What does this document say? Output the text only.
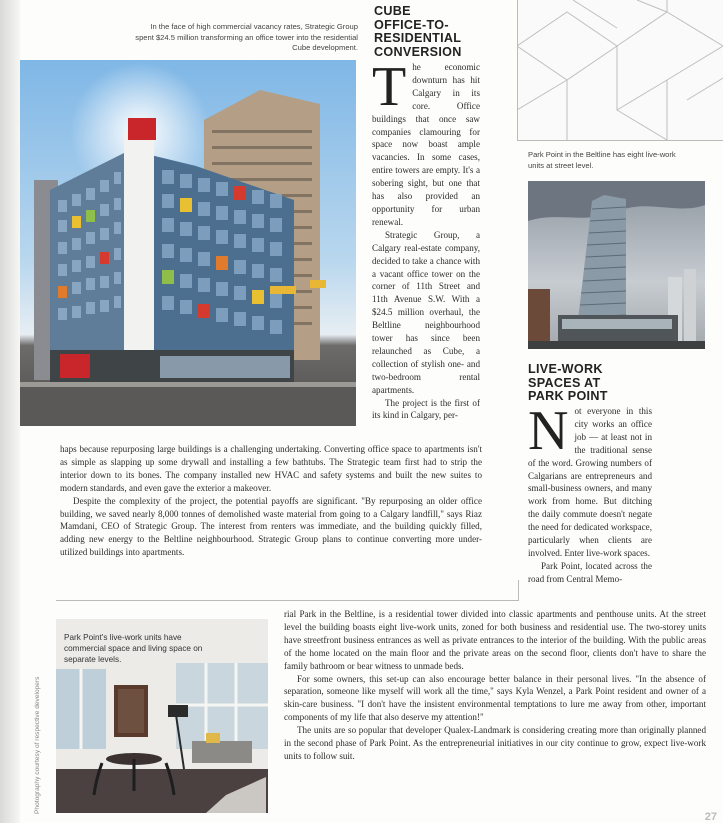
In the face of high commercial vacancy rates, Strategic Group spent $24.5 million transforming an office tower into the residential Cube development.
CUBE
OFFICE-TO-
RESIDENTIAL
CONVERSION

The economic downturn has hit Calgary in its core. Office buildings that once saw companies clamouring for space now boast ample vacancies. In some cases, entire towers are empty. It's a sobering sight, but one that has also provided an opportunity for urban renewal.

Strategic Group, a Calgary real-estate company, decided to take a chance with a vacant office tower on the corner of 11th Street and 11th Avenue S.W. With a $24.5 million overhaul, the Beltline neighbourhood tower has since been relaunched as Cube, a collection of stylish one- and two-bedroom rental apartments.

The project is the first of its kind in Calgary, per-

haps because repurposing large buildings is a challenging undertaking. Converting office space to apartments isn't as simple as slapping up some drywall and installing a few bathtubs. The Strategic team first had to strip the interior down to its bones. The company installed new HVAC and safety systems and built the new suites to modern standards, and even gave the exterior a makeover.

Despite the complexity of the project, the potential payoffs are significant. "By repurposing an older office building, we saved nearly 8,000 tonnes of demolished waste material from going to a Calgary landfill," says Riaz Mamdani, CEO of Strategic Group. The interest from renters was immediate, and the building quickly filled, adding new energy to the Beltline neighbourhood. Strategic Group plans to continue converting more under-utilized buildings into apartments.

Park Point in the Beltline has eight live-work units at street level.
LIVE-WORK
SPACES AT
PARK POINT

Not everyone in this city works an office job — at least not in the traditional sense of the word. Growing numbers of Calgarians are entrepreneurs and small-business owners, and many work from home. But ditching the daily commute doesn't negate the need for dedicated workspace, particularly when clients are involved. Enter live-work spaces.

Park Point, located across the road from Central Memo-

Park Point's live-work units have commercial space and living space on separate levels.
Photography courtesy of respective developers

rial Park in the Beltline, is a residential tower divided into classic apartments and penthouse units. At the street level the building boasts eight live-work units, zoned for both business and residential use. The two-storey units have streetfront business entrances as well as private entrances to the interior of the building. With the public areas of the home located on the main floor and the private areas on the second floor, clients don't have to share the family bathroom or bear witness to unmade beds.

For some owners, this set-up can also encourage better balance in their personal lives. "In the absence of separation, someone like myself will work all the time," says Kyla Wenzel, a Park Point resident and owner of a skin-care business. "I don't have the insistent environmental temptations to lure me away from other, important components of my life that also deserve my attention!"

The units are so popular that developer Qualex-Landmark is considering creating more than originally planned in the second phase of Park Point. As the entrepreneurial initiatives in our city continue to grow, expect live-work units to follow suit.

27
